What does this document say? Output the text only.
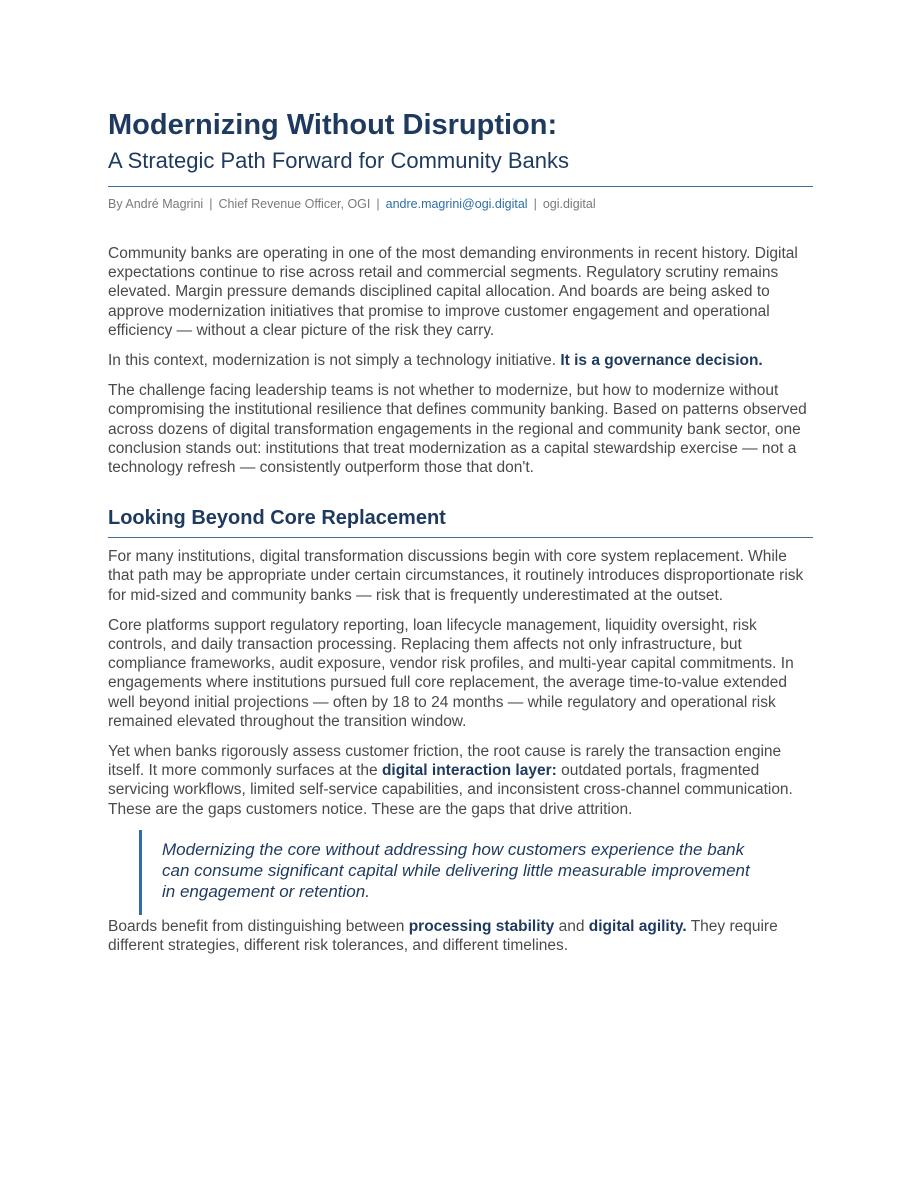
Modernizing Without Disruption:
A Strategic Path Forward for Community Banks
By André Magrini | Chief Revenue Officer, OGI | andre.magrini@ogi.digital | ogi.digital

Community banks are operating in one of the most demanding environments in recent history. Digital expectations continue to rise across retail and commercial segments. Regulatory scrutiny remains elevated. Margin pressure demands disciplined capital allocation. And boards are being asked to approve modernization initiatives that promise to improve customer engagement and operational efficiency — without a clear picture of the risk they carry.

In this context, modernization is not simply a technology initiative. It is a governance decision.

The challenge facing leadership teams is not whether to modernize, but how to modernize without compromising the institutional resilience that defines community banking. Based on patterns observed across dozens of digital transformation engagements in the regional and community bank sector, one conclusion stands out: institutions that treat modernization as a capital stewardship exercise — not a technology refresh — consistently outperform those that don't.

Looking Beyond Core Replacement

For many institutions, digital transformation discussions begin with core system replacement. While that path may be appropriate under certain circumstances, it routinely introduces disproportionate risk for mid-sized and community banks — risk that is frequently underestimated at the outset.

Core platforms support regulatory reporting, loan lifecycle management, liquidity oversight, risk controls, and daily transaction processing. Replacing them affects not only infrastructure, but compliance frameworks, audit exposure, vendor risk profiles, and multi-year capital commitments. In engagements where institutions pursued full core replacement, the average time-to-value extended well beyond initial projections — often by 18 to 24 months — while regulatory and operational risk remained elevated throughout the transition window.

Yet when banks rigorously assess customer friction, the root cause is rarely the transaction engine itself. It more commonly surfaces at the digital interaction layer: outdated portals, fragmented servicing workflows, limited self-service capabilities, and inconsistent cross-channel communication. These are the gaps customers notice. These are the gaps that drive attrition.

Modernizing the core without addressing how customers experience the bank can consume significant capital while delivering little measurable improvement in engagement or retention.

Boards benefit from distinguishing between processing stability and digital agility. They require different strategies, different risk tolerances, and different timelines.
